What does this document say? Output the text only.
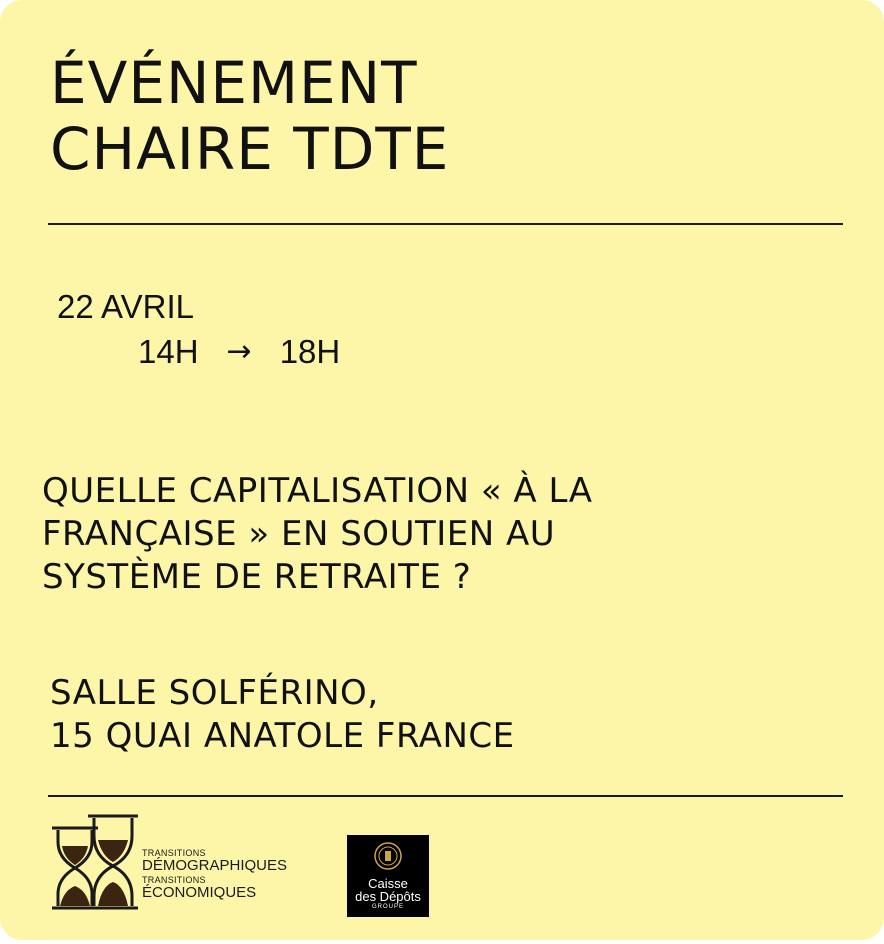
ÉVÉNEMENT
CHAIRE TDTE
22 AVRIL
14H → 18H
QUELLE CAPITALISATION « À LA
FRANÇAISE » EN SOUTIEN AU
SYSTÈME DE RETRAITE ?
SALLE SOLFÉRINO,
15 QUAI ANATOLE FRANCE
TRANSITIONS
DÉMOGRAPHIQUES
TRANSITIONS
ÉCONOMIQUES
Caisse
des Dépôts
GROUPE
